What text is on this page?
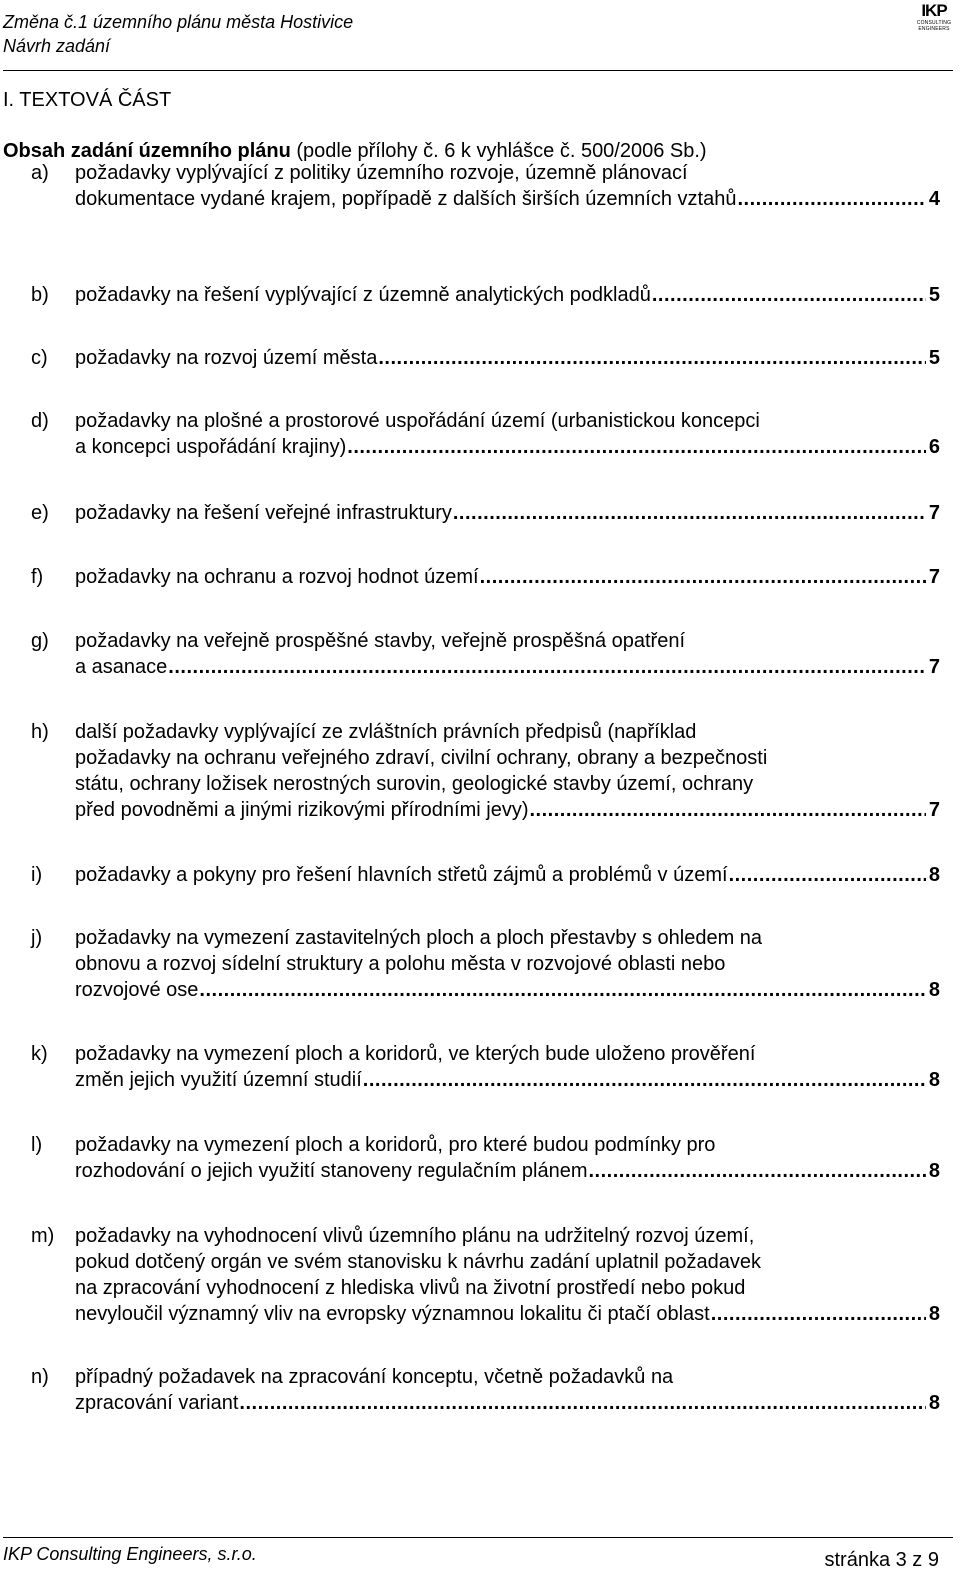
Změna č.1 územního plánu města Hostivice
Návrh zadání
IKP
CONSULTING
ENGINEERS
I. TEXTOVÁ ČÁST
Obsah zadání územního plánu (podle přílohy č. 6 k vyhlášce č. 500/2006 Sb.)
a) požadavky vyplývající z politiky územního rozvoje, územně plánovací
dokumentace vydané krajem, popřípadě z dalších širších územních vztahů .....	4
b) požadavky na řešení vyplývající z územně analytických podkladů .....	5
c) požadavky na rozvoj území města .....	5
d) požadavky na plošné a prostorové uspořádání území (urbanistickou koncepci
a koncepci uspořádání krajiny) .....	6
e) požadavky na řešení veřejné infrastruktury .....	7
f) požadavky na ochranu a rozvoj hodnot území .....	7
g) požadavky na veřejně prospěšné stavby, veřejně prospěšná opatření
a asanace .....	7
h) další požadavky vyplývající ze zvláštních právních předpisů (například
požadavky na ochranu veřejného zdraví, civilní ochrany, obrany a bezpečnosti
státu, ochrany ložisek nerostných surovin, geologické stavby území, ochrany
před povodněmi a jinými rizikovými přírodními jevy) .....	7
i) požadavky a pokyny pro řešení hlavních střetů zájmů a problémů v území .....	8
j) požadavky na vymezení zastavitelných ploch a ploch přestavby s ohledem na
obnovu a rozvoj sídelní struktury a polohu města v rozvojové oblasti nebo
rozvojové ose .....	8
k) požadavky na vymezení ploch a koridorů, ve kterých bude uloženo prověření
změn jejich využití územní studií .....	8
l) požadavky na vymezení ploch a koridorů, pro které budou podmínky pro
rozhodování o jejich využití stanoveny regulačním plánem .....	8
m) požadavky na vyhodnocení vlivů územního plánu na udržitelný rozvoj území,
pokud dotčený orgán ve svém stanovisku k návrhu zadání uplatnil požadavek
na zpracování vyhodnocení z hlediska vlivů na životní prostředí nebo pokud
nevyloučil významný vliv na evropsky významnou lokalitu či ptačí oblast .....	8
n) případný požadavek na zpracování konceptu, včetně požadavků na
zpracování variant .....	8
IKP Consulting Engineers, s.r.o.	stránka 3 z 9
